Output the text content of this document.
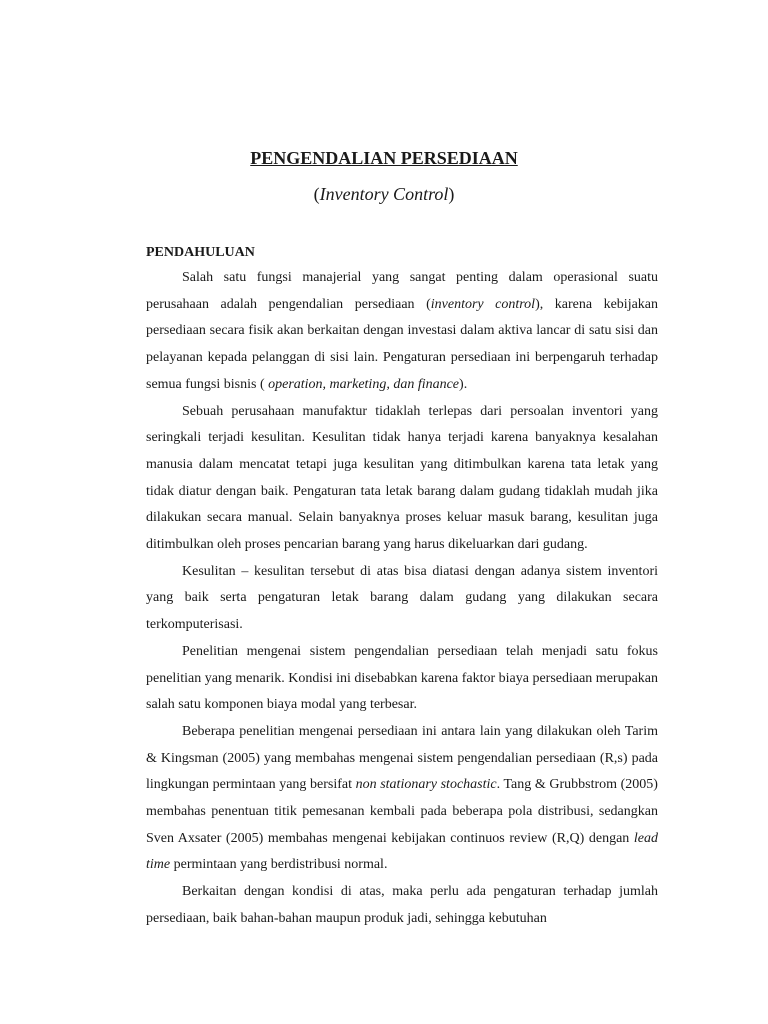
PENGENDALIAN PERSEDIAAN
(Inventory Control)
PENDAHULUAN

Salah satu fungsi manajerial yang sangat penting dalam operasional suatu perusahaan adalah pengendalian persediaan (inventory control), karena kebijakan persediaan secara fisik akan berkaitan dengan investasi dalam aktiva lancar di satu sisi dan pelayanan kepada pelanggan di sisi lain. Pengaturan persediaan ini berpengaruh terhadap semua fungsi bisnis ( operation, marketing, dan finance).

Sebuah perusahaan manufaktur tidaklah terlepas dari persoalan inventori yang seringkali terjadi kesulitan. Kesulitan tidak hanya terjadi karena banyaknya kesalahan manusia dalam mencatat tetapi juga kesulitan yang ditimbulkan karena tata letak yang tidak diatur dengan baik. Pengaturan tata letak barang dalam gudang tidaklah mudah jika dilakukan secara manual. Selain banyaknya proses keluar masuk barang, kesulitan juga ditimbulkan oleh proses pencarian barang yang harus dikeluarkan dari gudang.

Kesulitan – kesulitan tersebut di atas bisa diatasi dengan adanya sistem inventori yang baik serta pengaturan letak barang dalam gudang yang dilakukan secara terkomputerisasi.

Penelitian mengenai sistem pengendalian persediaan telah menjadi satu fokus penelitian yang menarik. Kondisi ini disebabkan karena faktor biaya persediaan merupakan salah satu komponen biaya modal yang terbesar.

Beberapa penelitian mengenai persediaan ini antara lain yang dilakukan oleh Tarim & Kingsman (2005) yang membahas mengenai sistem pengendalian persediaan (R,s) pada lingkungan permintaan yang bersifat non stationary stochastic. Tang & Grubbstrom (2005) membahas penentuan titik pemesanan kembali pada beberapa pola distribusi, sedangkan Sven Axsater (2005) membahas mengenai kebijakan continuos review (R,Q) dengan lead time permintaan yang berdistribusi normal.

Berkaitan dengan kondisi di atas, maka perlu ada pengaturan terhadap jumlah persediaan, baik bahan-bahan maupun produk jadi, sehingga kebutuhan
